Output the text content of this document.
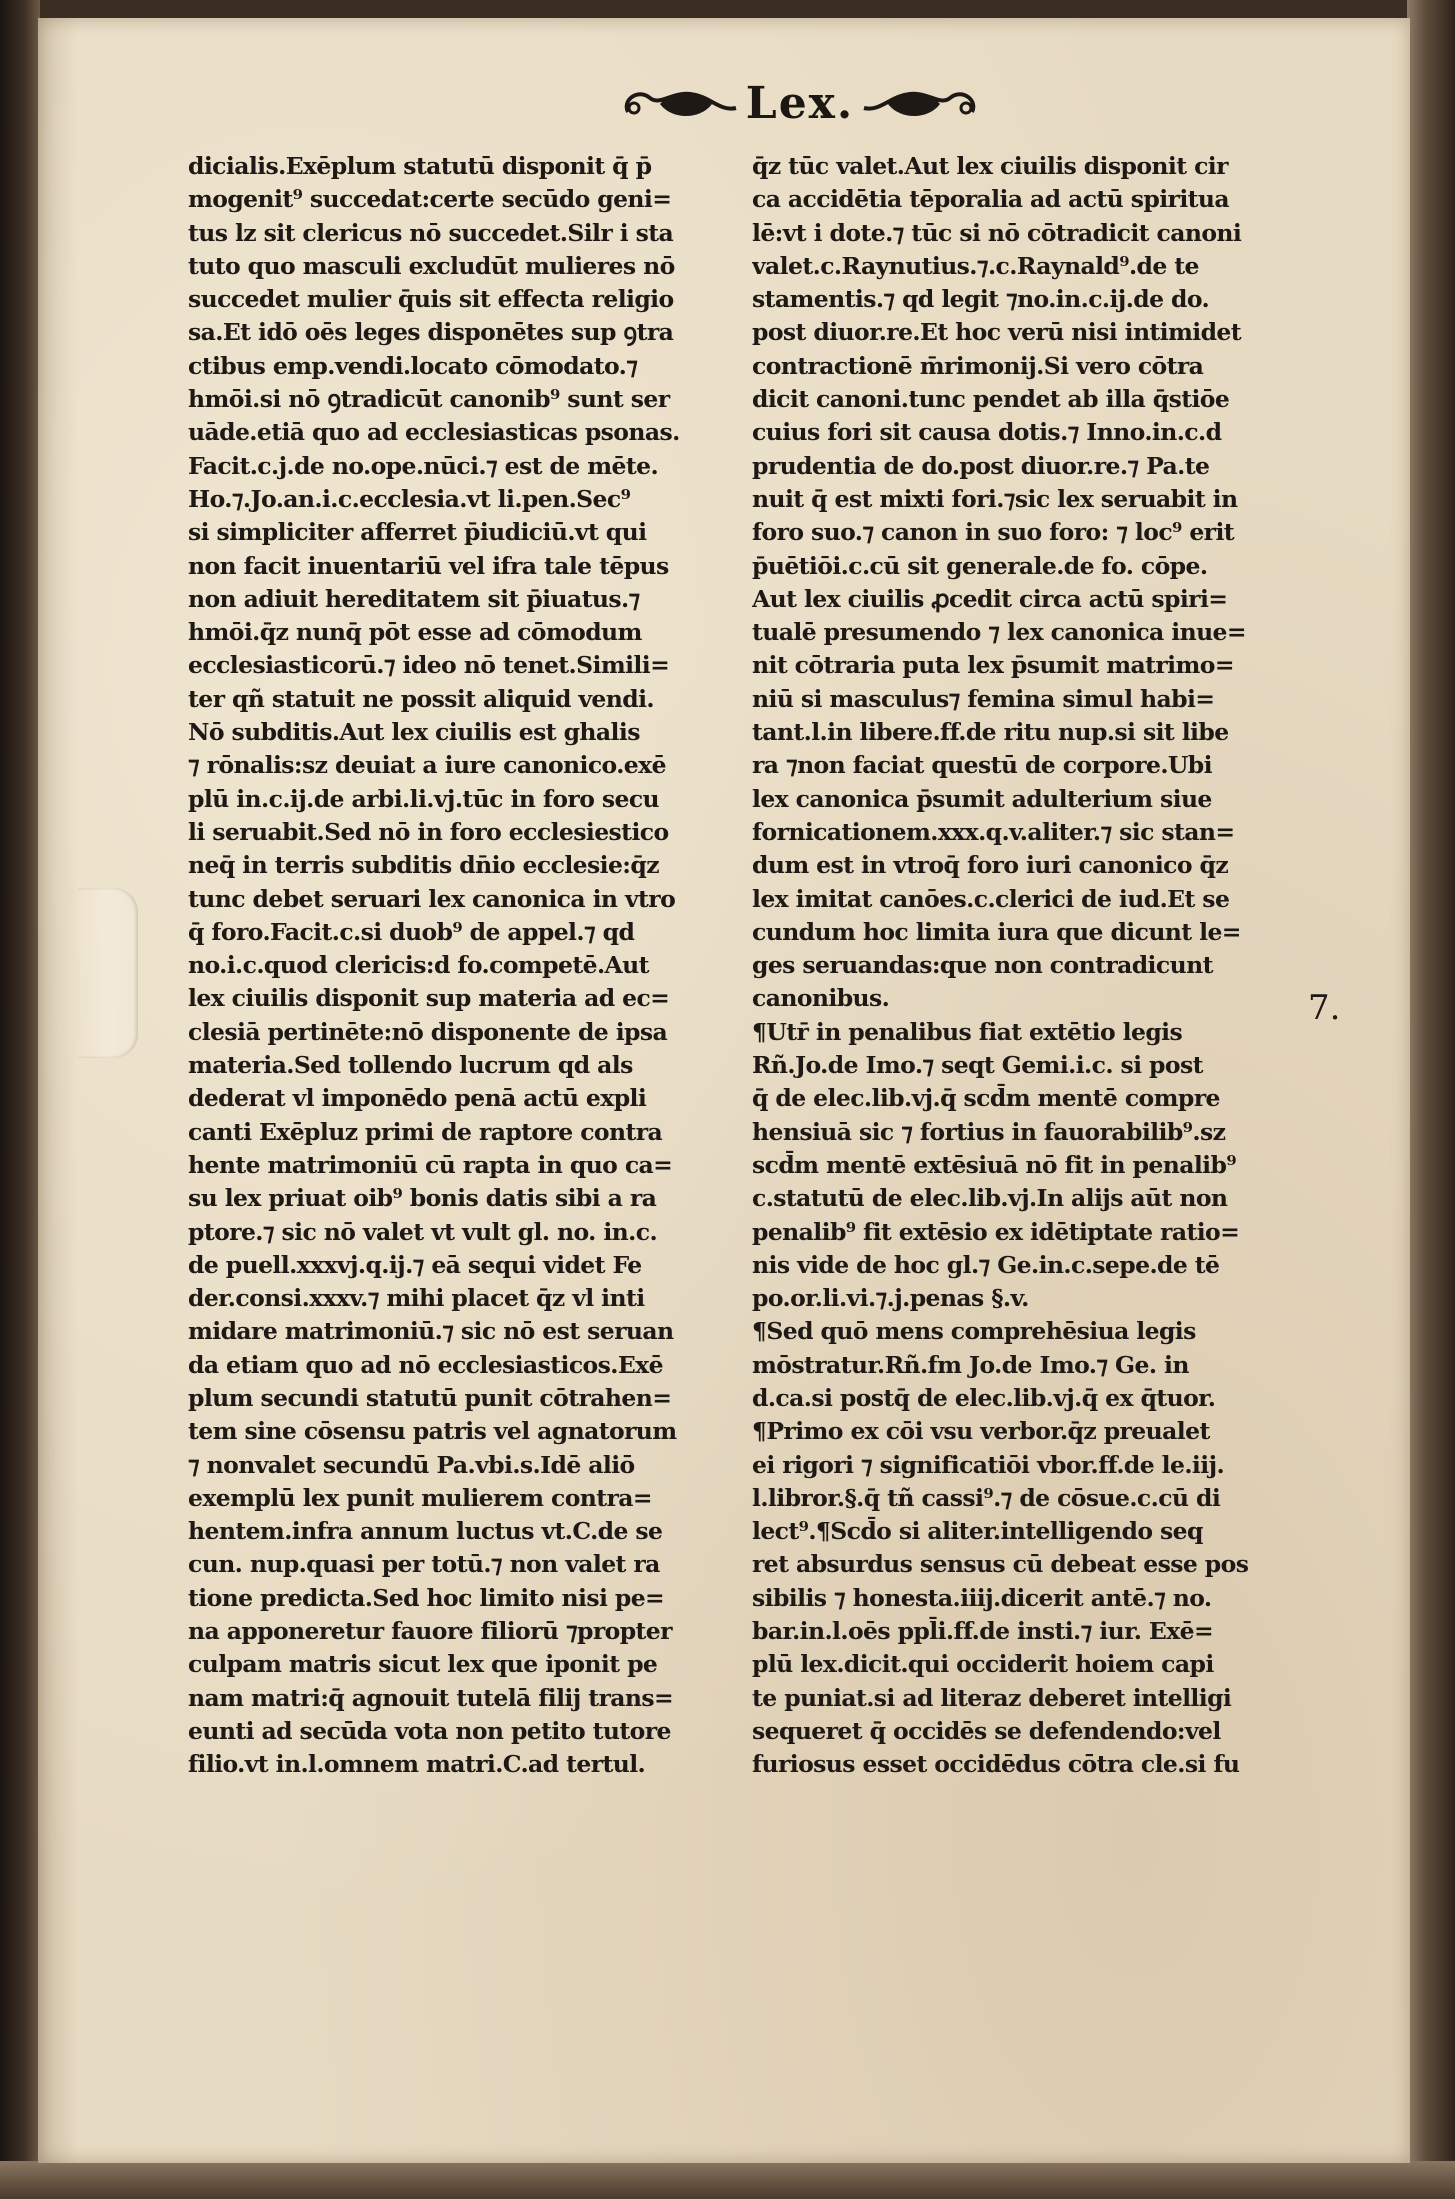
Lex.
dicialis.Exēplum statutū disponit q̄ p̄
mogenit⁹ succedat:certe secūdo geni=
tus lz sit clericus nō succedet.Silr i sta
tuto quo masculi excludūt mulieres nō
succedet mulier q̄uis sit effecta religio
sa.Et idō oēs leges disponētes sup ꝯtra
ctibus emp.vendi.locato cōmodato.⁊
hmōi.si nō ꝯtradicūt canonib⁹ sunt ser
uāde.etiā quo ad ecclesiasticas psonas.
Facit.c.j.de no.ope.nūci.⁊ est de mēte.
Ho.⁊.Jo.an.i.c.ecclesia.vt li.pen.Sec⁹
si simpliciter afferret p̄iudiciū.vt qui
non facit inuentariū vel ifra tale tēpus
non adiuit hereditatem sit p̄iuatus.⁊
hmōi.q̄z nunq̄ pōt esse ad cōmodum
ecclesiasticorū.⁊ ideo nō tenet.Simili=
ter qñ statuit ne possit aliquid vendi.
Nō subditis.Aut lex ciuilis est ghalis
⁊ rōnalis:sz deuiat a iure canonico.exē
plū in.c.ij.de arbi.li.vj.tūc in foro secu
li seruabit.Sed nō in foro ecclesiestico
neq̄ in terris subditis dn̄io ecclesie:q̄z
tunc debet seruari lex canonica in vtro
q̄ foro.Facit.c.si duob⁹ de appel.⁊ qd
no.i.c.quod clericis:d fo.competē.Aut
lex ciuilis disponit sup materia ad ec=
clesiā pertinēte:nō disponente de ipsa
materia.Sed tollendo lucrum qd als
dederat vl imponēdo penā actū expli
canti Exēpluz primi de raptore contra
hente matrimoniū cū rapta in quo ca=
su lex priuat oib⁹ bonis datis sibi a ra
ptore.⁊ sic nō valet vt vult gl. no. in.c.
de puell.xxxvj.q.ij.⁊ eā sequi videt Fe
der.consi.xxxv.⁊ mihi placet q̄z vl inti
midare matrimoniū.⁊ sic nō est seruan
da etiam quo ad nō ecclesiasticos.Exē
plum secundi statutū punit cōtrahen=
tem sine cōsensu patris vel agnatorum
⁊ nonvalet secundū Pa.vbi.s.Idē aliō
exemplū lex punit mulierem contra=
hentem.infra annum luctus vt.C.de se
cun. nup.quasi per totū.⁊ non valet ra
tione predicta.Sed hoc limito nisi pe=
na apponeretur fauore filiorū ⁊propter
culpam matris sicut lex que iponit pe
nam matri:q̄ agnouit tutelā filij trans=
eunti ad secūda vota non petito tutore
filio.vt in.l.omnem matri.C.ad tertul.
q̄z tūc valet.Aut lex ciuilis disponit cir
ca accidētia tēporalia ad actū spiritua
lē:vt i dote.⁊ tūc si nō cōtradicit canoni
valet.c.Raynutius.⁊.c.Raynald⁹.de te
stamentis.⁊ qd legit ⁊no.in.c.ij.de do.
post diuor.re.Et hoc verū nisi intimidet
contractionē m̄rimonij.Si vero cōtra
dicit canoni.tunc pendet ab illa q̄stiōe
cuius fori sit causa dotis.⁊ Inno.in.c.d
prudentia de do.post diuor.re.⁊ Pa.te
nuit q̄ est mixti fori.⁊sic lex seruabit in
foro suo.⁊ canon in suo foro: ⁊ loc⁹ erit
p̄uētiōi.c.cū sit generale.de fo. cōpe.
Aut lex ciuilis ꝓcedit circa actū spiri=
tualē presumendo ⁊ lex canonica inue=
nit cōtraria puta lex p̄sumit matrimo=
niū si masculus⁊ femina simul habi=
tant.l.in libere.ff.de ritu nup.si sit libe
ra ⁊non faciat questū de corpore.Ubi
lex canonica p̄sumit adulterium siue
fornicationem.xxx.q.v.aliter.⁊ sic stan=
dum est in vtroq̄ foro iuri canonico q̄z
lex imitat canōes.c.clerici de iud.Et se
cundum hoc limita iura que dicunt le=
ges seruandas:que non contradicunt
canonibus.
¶Utr̄ in penalibus fiat extētio legis
Rñ.Jo.de Imo.⁊ seqt Gemi.i.c. si post
q̄ de elec.lib.vj.q̄ scd̄m mentē compre
hensiuā sic ⁊ fortius in fauorabilib⁹.sz
scd̄m mentē extēsiuā nō fit in penalib⁹
c.statutū de elec.lib.vj.In alijs aūt non
penalib⁹ fit extēsio ex idētiptate ratio=
nis vide de hoc gl.⁊ Ge.in.c.sepe.de tē
po.or.li.vi.⁊.j.penas §.v.
¶Sed quō mens comprehēsiua legis
mōstratur.Rñ.fm Jo.de Imo.⁊ Ge. in
d.ca.si postq̄ de elec.lib.vj.q̄ ex q̄tuor.
¶Primo ex cōi vsu verbor.q̄z preualet
ei rigori ⁊ significatiōi vbor.ff.de le.iij.
l.libror.§.q̄ tñ cassi⁹.⁊ de cōsue.c.cū di
lect⁹.¶Scd̄o si aliter.intelligendo seq
ret absurdus sensus cū debeat esse pos
sibilis ⁊ honesta.iiij.dicerit antē.⁊ no.
bar.in.l.oēs ppl̄i.ff.de insti.⁊ iur. Exē=
plū lex.dicit.qui occiderit hoiem capi
te puniat.si ad literaz deberet intelligi
sequeret q̄ occidēs se defendendo:vel
furiosus esset occidēdus cōtra cle.si fu
7.
